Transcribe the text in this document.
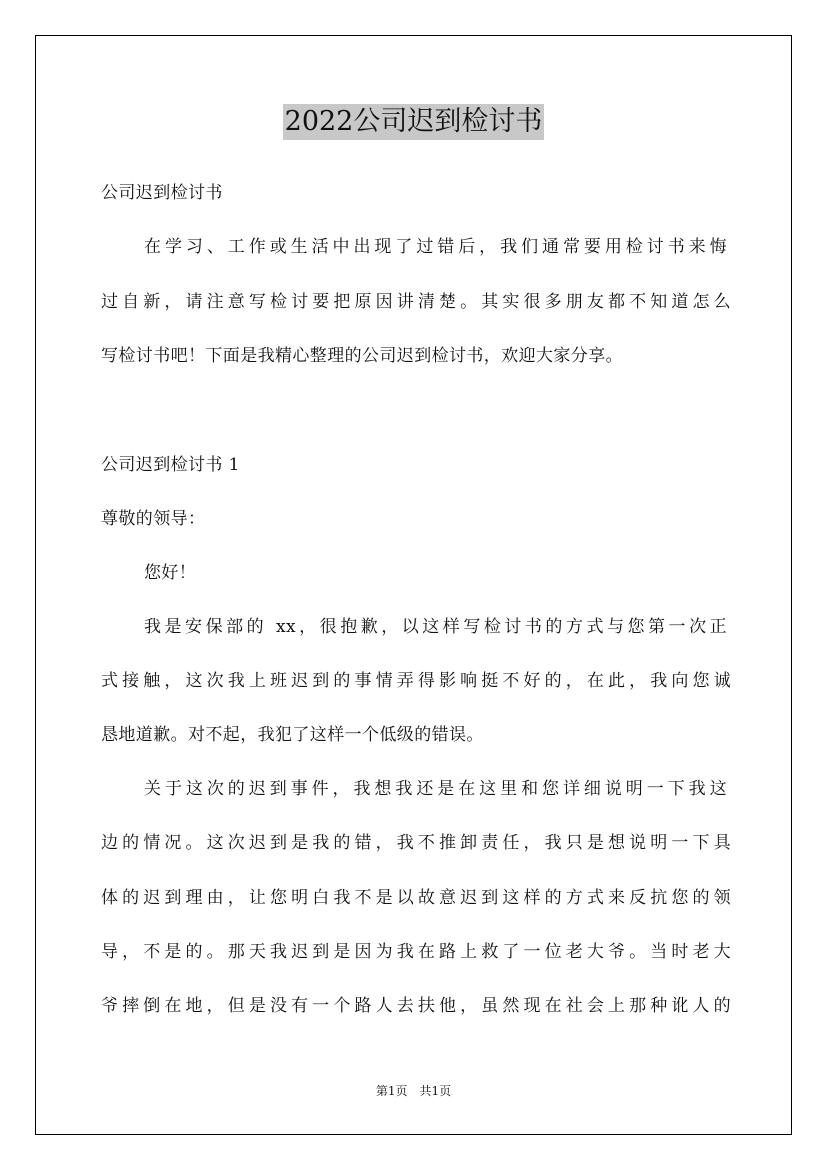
2022公司迟到检讨书
公司迟到检讨书
在学习、工作或生活中出现了过错后，我们通常要用检讨书来悔
过自新，请注意写检讨要把原因讲清楚。其实很多朋友都不知道怎么
写检讨书吧！下面是我精心整理的公司迟到检讨书，欢迎大家分享。
公司迟到检讨书 1
尊敬的领导：
您好！
我是安保部的 xx，很抱歉，以这样写检讨书的方式与您第一次正
式接触，这次我上班迟到的事情弄得影响挺不好的，在此，我向您诚
恳地道歉。对不起，我犯了这样一个低级的错误。
关于这次的迟到事件，我想我还是在这里和您详细说明一下我这
边的情况。这次迟到是我的错，我不推卸责任，我只是想说明一下具
体的迟到理由，让您明白我不是以故意迟到这样的方式来反抗您的领
导，不是的。那天我迟到是因为我在路上救了一位老大爷。当时老大
爷摔倒在地，但是没有一个路人去扶他，虽然现在社会上那种讹人的
第1页　共1页
